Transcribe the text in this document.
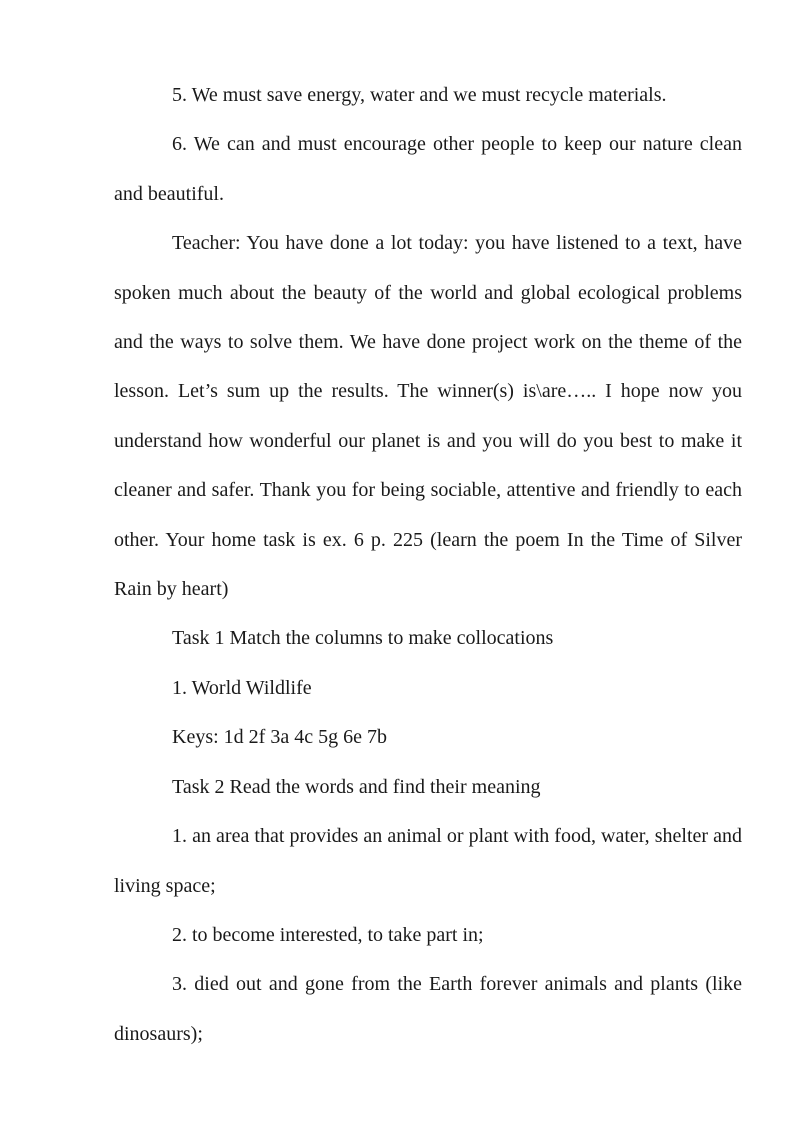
5. We must save energy, water and we must recycle materials.

6. We can and must encourage other people to keep our nature clean and beautiful.

Teacher: You have done a lot today: you have listened to a text, have spoken much about the beauty of the world and global ecological problems and the ways to solve them. We have done project work on the theme of the lesson. Let’s sum up the results. The winner(s) is\are….. I hope now you understand how wonderful our planet is and you will do you best to make it cleaner and safer. Thank you for being sociable, attentive and friendly to each other. Your home task is ex. 6 p. 225 (learn the poem In the Time of Silver Rain by heart)

Task 1 Match the columns to make collocations

1. World Wildlife

Keys: 1d 2f 3a 4c 5g 6e 7b

Task 2 Read the words and find their meaning

1. an area that provides an animal or plant with food, water, shelter and living space;

2. to become interested, to take part in;

3. died out and gone from the Earth forever animals and plants (like dinosaurs);
